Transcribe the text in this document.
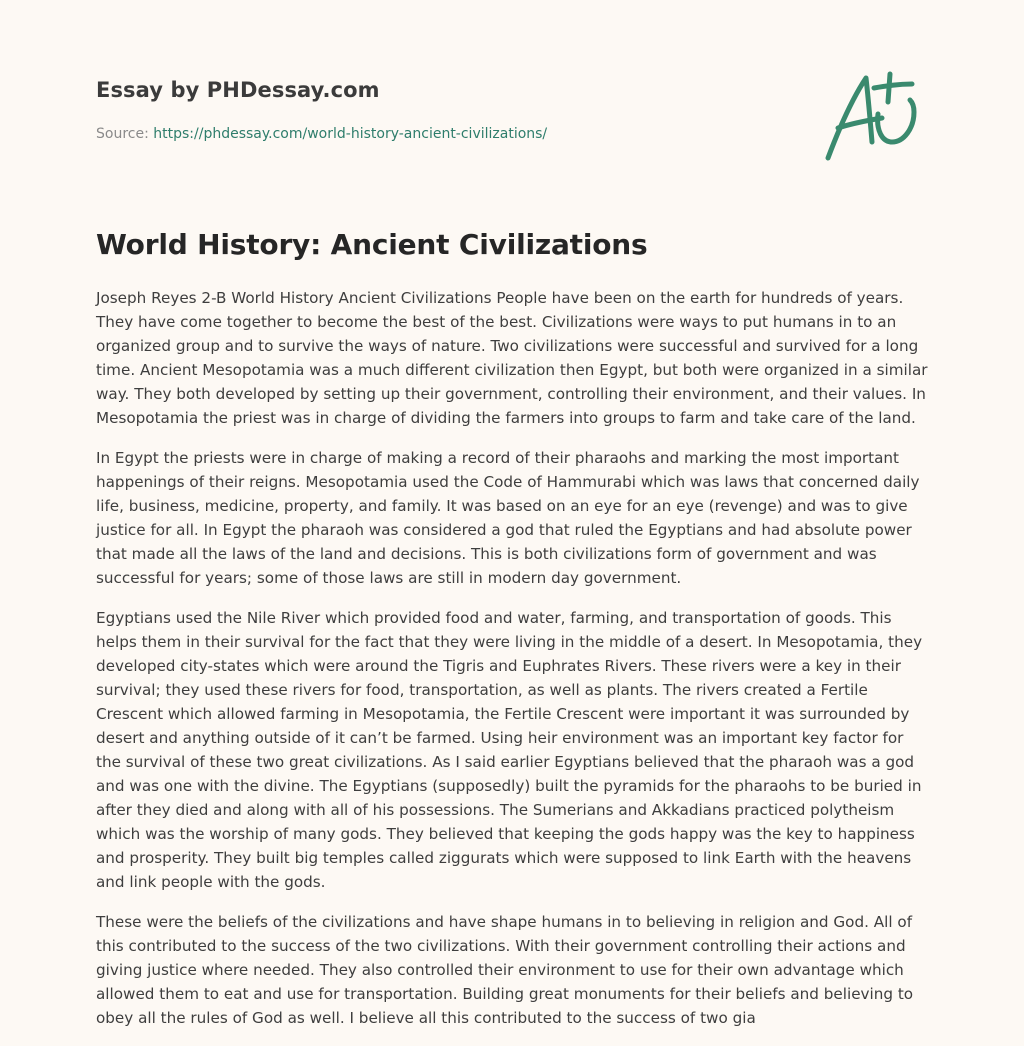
Essay by PHDessay.com
Source: https://phdessay.com/world-history-ancient-civilizations/
World History: Ancient Civilizations

Joseph Reyes 2-B World History Ancient Civilizations People have been on the earth for hundreds of years. They have come together to become the best of the best. Civilizations were ways to put humans in to an organized group and to survive the ways of nature. Two civilizations were successful and survived for a long time. Ancient Mesopotamia was a much different civilization then Egypt, but both were organized in a similar way. They both developed by setting up their government, controlling their environment, and their values. In Mesopotamia the priest was in charge of dividing the farmers into groups to farm and take care of the land.

In Egypt the priests were in charge of making a record of their pharaohs and marking the most important happenings of their reigns. Mesopotamia used the Code of Hammurabi which was laws that concerned daily life, business, medicine, property, and family. It was based on an eye for an eye (revenge) and was to give justice for all. In Egypt the pharaoh was considered a god that ruled the Egyptians and had absolute power that made all the laws of the land and decisions. This is both civilizations form of government and was successful for years; some of those laws are still in modern day government.

Egyptians used the Nile River which provided food and water, farming, and transportation of goods. This helps them in their survival for the fact that they were living in the middle of a desert. In Mesopotamia, they developed city-states which were around the Tigris and Euphrates Rivers. These rivers were a key in their survival; they used these rivers for food, transportation, as well as plants. The rivers created a Fertile Crescent which allowed farming in Mesopotamia, the Fertile Crescent were important it was surrounded by desert and anything outside of it can’t be farmed. Using heir environment was an important key factor for the survival of these two great civilizations. As I said earlier Egyptians believed that the pharaoh was a god and was one with the divine. The Egyptians (supposedly) built the pyramids for the pharaohs to be buried in after they died and along with all of his possessions. The Sumerians and Akkadians practiced polytheism which was the worship of many gods. They believed that keeping the gods happy was the key to happiness and prosperity. They built big temples called ziggurats which were supposed to link Earth with the heavens and link people with the gods.

These were the beliefs of the civilizations and have shape humans in to believing in religion and God. All of this contributed to the success of the two civilizations. With their government controlling their actions and giving justice where needed. They also controlled their environment to use for their own advantage which allowed them to eat and use for transportation. Building great monuments for their beliefs and believing to obey all the rules of God as well. I believe all this contributed to the success of two gia
